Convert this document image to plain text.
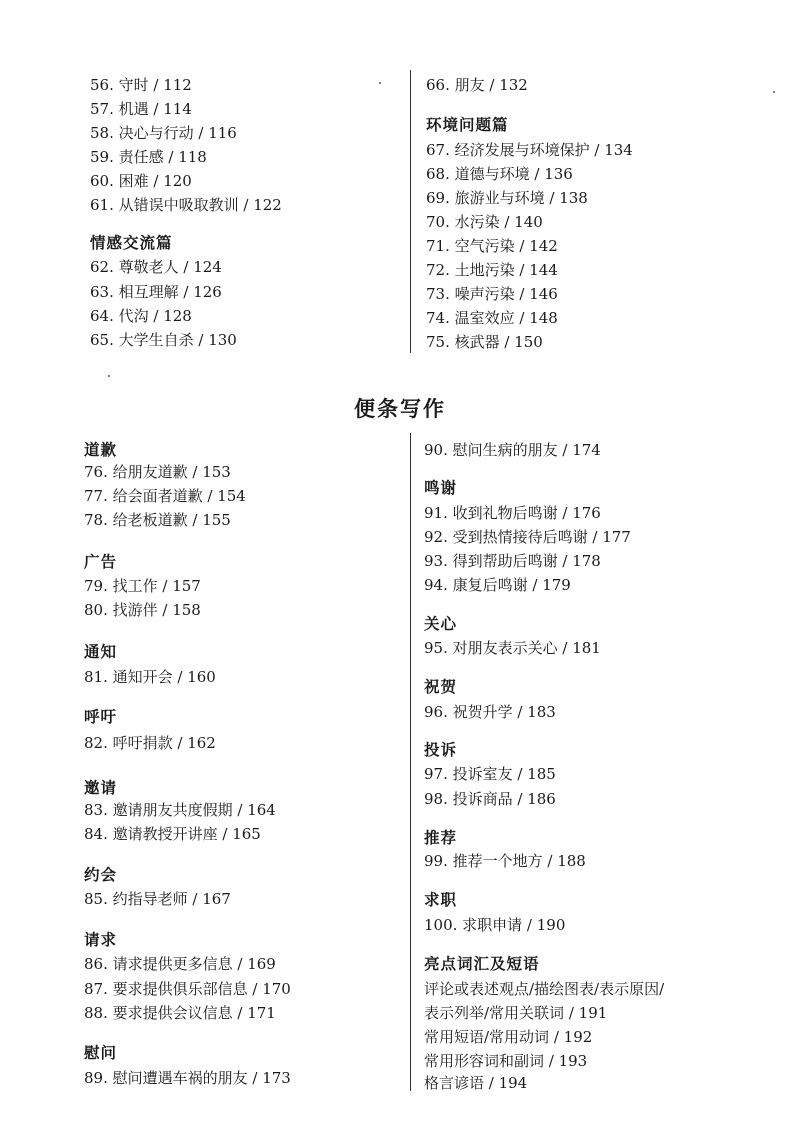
56. 守时 / 112
57. 机遇 / 114
58. 决心与行动 / 116
59. 责任感 / 118
60. 困难 / 120
61. 从错误中吸取教训 / 122
情感交流篇
62. 尊敬老人 / 124
63. 相互理解 / 126
64. 代沟 / 128
65. 大学生自杀 / 130
66. 朋友 / 132
环境问题篇
67. 经济发展与环境保护 / 134
68. 道德与环境 / 136
69. 旅游业与环境 / 138
70. 水污染 / 140
71. 空气污染 / 142
72. 土地污染 / 144
73. 噪声污染 / 146
74. 温室效应 / 148
75. 核武器 / 150
便条写作
道歉
76. 给朋友道歉 / 153
77. 给会面者道歉 / 154
78. 给老板道歉 / 155
广告
79. 找工作 / 157
80. 找游伴 / 158
通知
81. 通知开会 / 160
呼吁
82. 呼吁捐款 / 162
邀请
83. 邀请朋友共度假期 / 164
84. 邀请教授开讲座 / 165
约会
85. 约指导老师 / 167
请求
86. 请求提供更多信息 / 169
87. 要求提供俱乐部信息 / 170
88. 要求提供会议信息 / 171
慰问
89. 慰问遭遇车祸的朋友 / 173
90. 慰问生病的朋友 / 174
鸣谢
91. 收到礼物后鸣谢 / 176
92. 受到热情接待后鸣谢 / 177
93. 得到帮助后鸣谢 / 178
94. 康复后鸣谢 / 179
关心
95. 对朋友表示关心 / 181
祝贺
96. 祝贺升学 / 183
投诉
97. 投诉室友 / 185
98. 投诉商品 / 186
推荐
99. 推荐一个地方 / 188
求职
100. 求职申请 / 190
亮点词汇及短语
评论或表述观点/描绘图表/表示原因/
表示列举/常用关联词 / 191
常用短语/常用动词 / 192
常用形容词和副词 / 193
格言谚语 / 194
